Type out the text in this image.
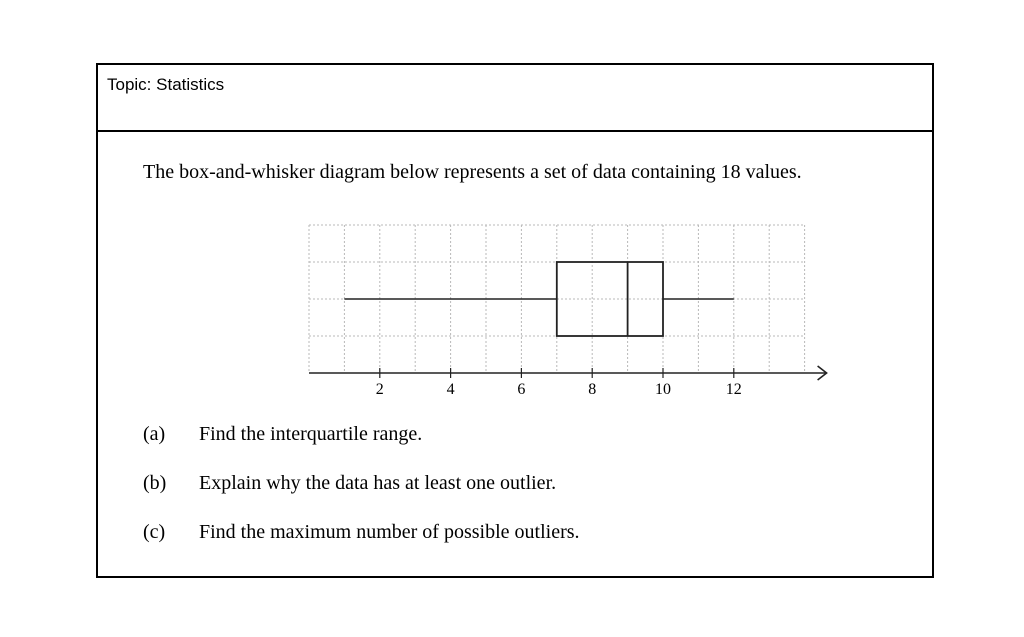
Topic: Statistics
The box-and-whisker diagram below represents a set of data containing 18 values.
2	4	6	8	10	12
(a) Find the interquartile range.
(b) Explain why the data has at least one outlier.
(c) Find the maximum number of possible outliers.
